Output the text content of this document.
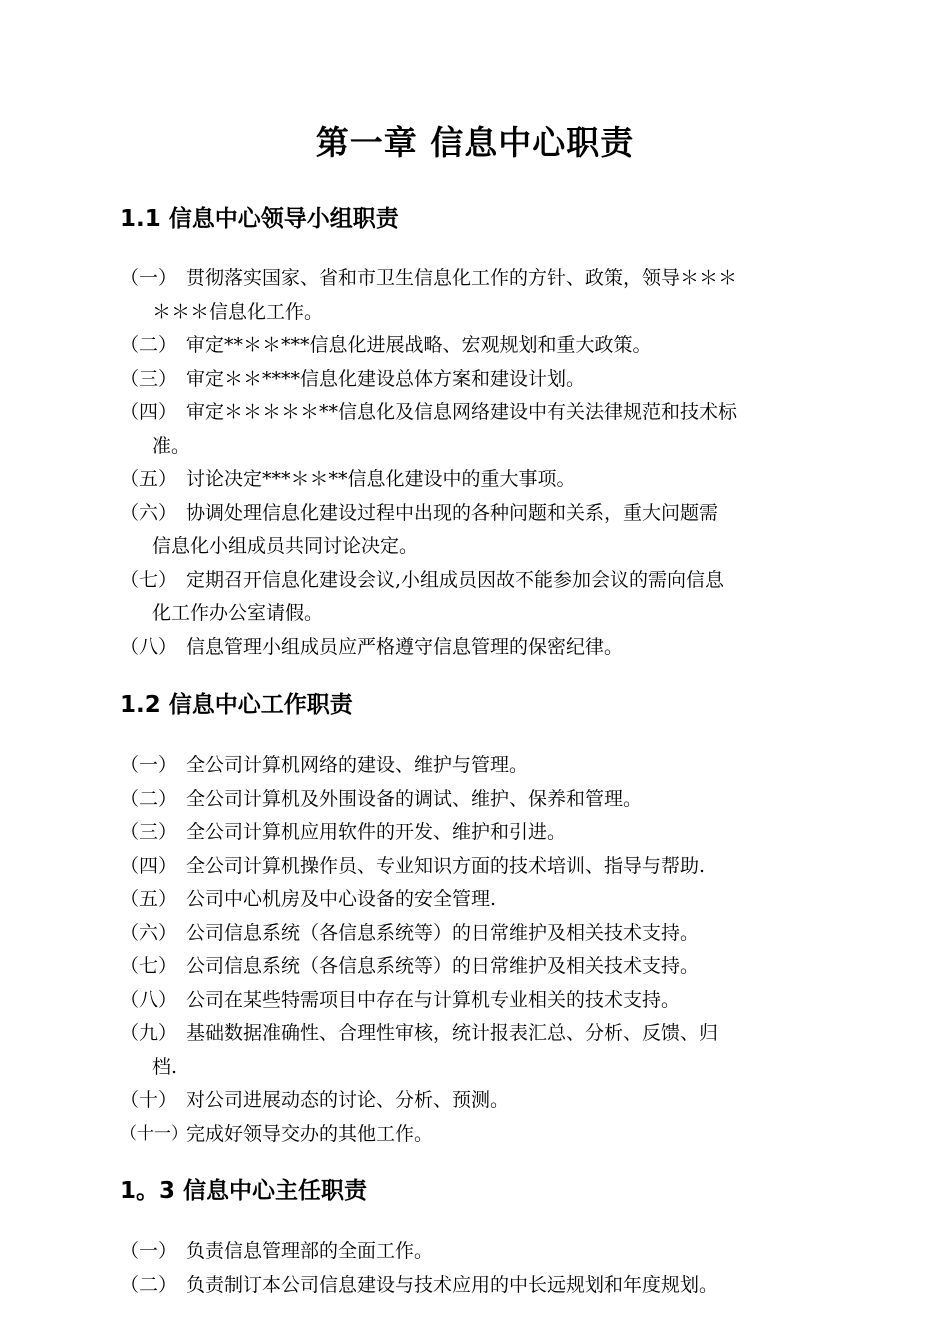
第一章 信息中心职责
1.1 信息中心领导小组职责
（一） 贯彻落实国家、省和市卫生信息化工作的方针、政策，领导＊＊＊
＊＊＊信息化工作。
（二） 审定**＊＊***信息化进展战略、宏观规划和重大政策。
（三） 审定＊＊****信息化建设总体方案和建设计划。
（四） 审定＊＊＊＊＊**信息化及信息网络建设中有关法律规范和技术标
准。
（五） 讨论决定***＊＊**信息化建设中的重大事项。
（六） 协调处理信息化建设过程中出现的各种问题和关系，重大问题需
信息化小组成员共同讨论决定。
（七） 定期召开信息化建设会议,小组成员因故不能参加会议的需向信息
化工作办公室请假。
（八） 信息管理小组成员应严格遵守信息管理的保密纪律。
1.2 信息中心工作职责
（一） 全公司计算机网络的建设、维护与管理。
（二） 全公司计算机及外围设备的调试、维护、保养和管理。
（三） 全公司计算机应用软件的开发、维护和引进。
（四） 全公司计算机操作员、专业知识方面的技术培训、指导与帮助.
（五） 公司中心机房及中心设备的安全管理.
（六） 公司信息系统（各信息系统等）的日常维护及相关技术支持。
（七） 公司信息系统（各信息系统等）的日常维护及相关技术支持。
（八） 公司在某些特需项目中存在与计算机专业相关的技术支持。
（九） 基础数据准确性、合理性审核，统计报表汇总、分析、反馈、归
档.
（十） 对公司进展动态的讨论、分析、预测。
（十一）
完成好领导交办的其他工作。
1。3 信息中心主任职责
（一） 负责信息管理部的全面工作。
（二） 负责制订本公司信息建设与技术应用的中长远规划和年度规划。
